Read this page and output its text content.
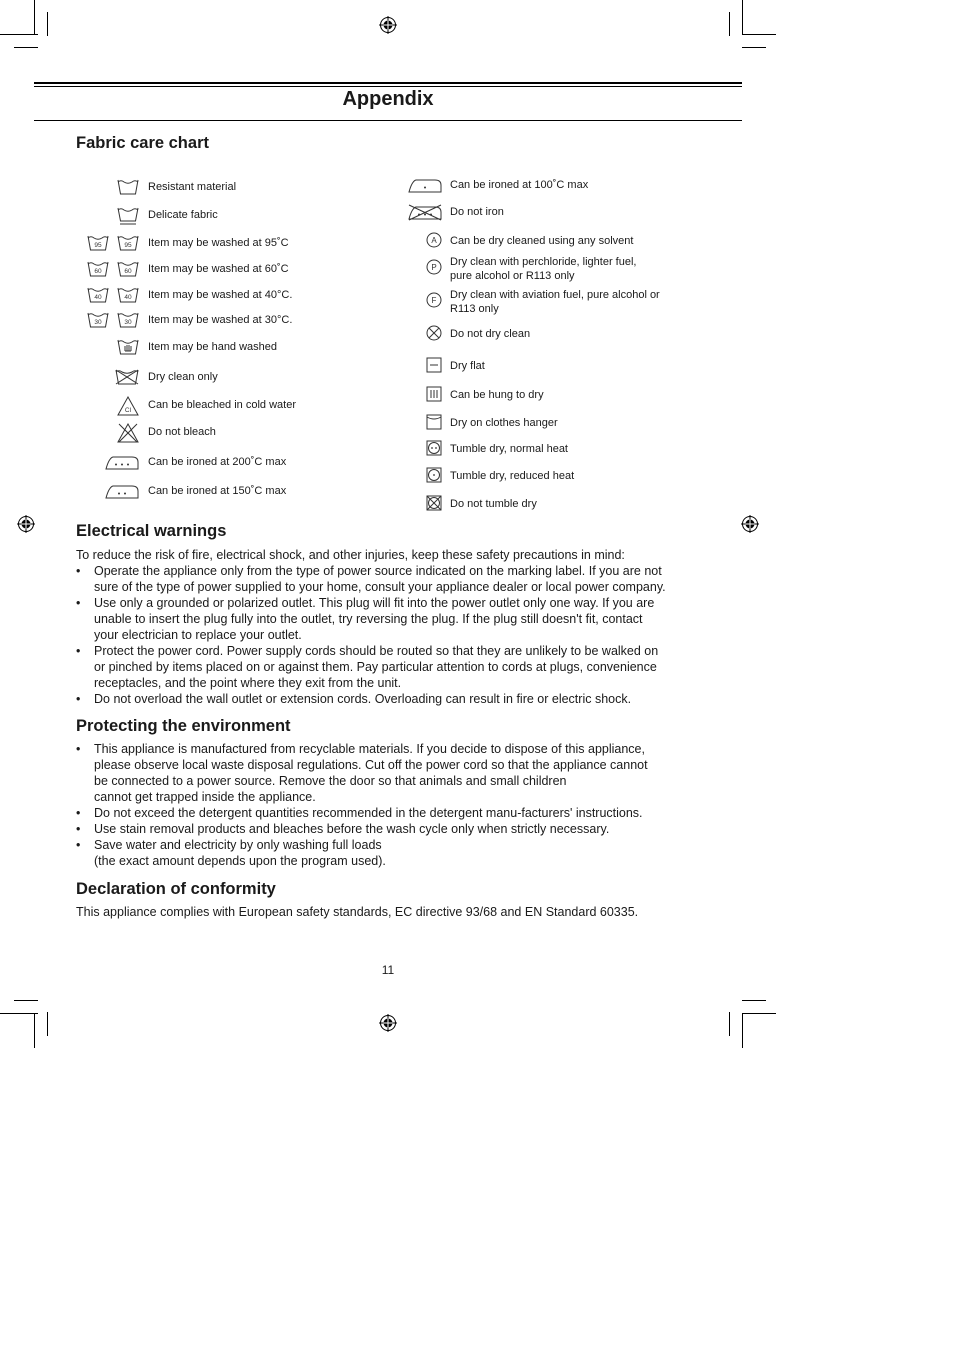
Appendix
Fabric care chart
Resistant material
Delicate fabric
95	95 Item may be washed at 95˚C
60	60 Item may be washed at 60˚C
40	40 Item may be washed at 40°C.
30	30 Item may be washed at 30°C.
Item may be hand washed
Dry clean only
Cl Can be bleached in cold water
Do not bleach
Can be ironed at 200˚C max
Can be ironed at 150˚C max
Can be ironed at 100˚C max
Do not iron
A Can be dry cleaned using any solvent
P Dry clean with perchloride, lighter fuel,
pure alcohol or R113 only
F Dry clean with aviation fuel, pure alcohol or
R113 only
Do not dry clean
Dry flat
Can be hung to dry
Dry on clothes hanger
Tumble dry, normal heat
Tumble dry, reduced heat
Do not tumble dry
Electrical warnings
To reduce the risk of fire, electrical shock, and other injuries, keep these safety precautions in mind:
• Operate the appliance only from the type of power source indicated on the marking label. If you are not
sure of the type of power supplied to your home, consult your appliance dealer or local power company.
• Use only a grounded or polarized outlet. This plug will fit into the power outlet only one way. If you are
unable to insert the plug fully into the outlet, try reversing the plug. If the plug still doesn't fit, contact
your electrician to replace your outlet.
• Protect the power cord. Power supply cords should be routed so that they are unlikely to be walked on
or pinched by items placed on or against them. Pay particular attention to cords at plugs, convenience
receptacles, and the point where they exit from the unit.
• Do not overload the wall outlet or extension cords. Overloading can result in fire or electric shock.
Protecting the environment
• This appliance is manufactured from recyclable materials. If you decide to dispose of this appliance,
please observe local waste disposal regulations. Cut off the power cord so that the appliance cannot
be connected to a power source. Remove the door so that animals and small children
cannot get trapped inside the appliance.
• Do not exceed the detergent quantities recommended in the detergent manu-facturers' instructions.
• Use stain removal products and bleaches before the wash cycle only when strictly necessary.
• Save water and electricity by only washing full loads
(the exact amount depends upon the program used).
Declaration of conformity
This appliance complies with European safety standards, EC directive 93/68 and EN Standard 60335.
11
